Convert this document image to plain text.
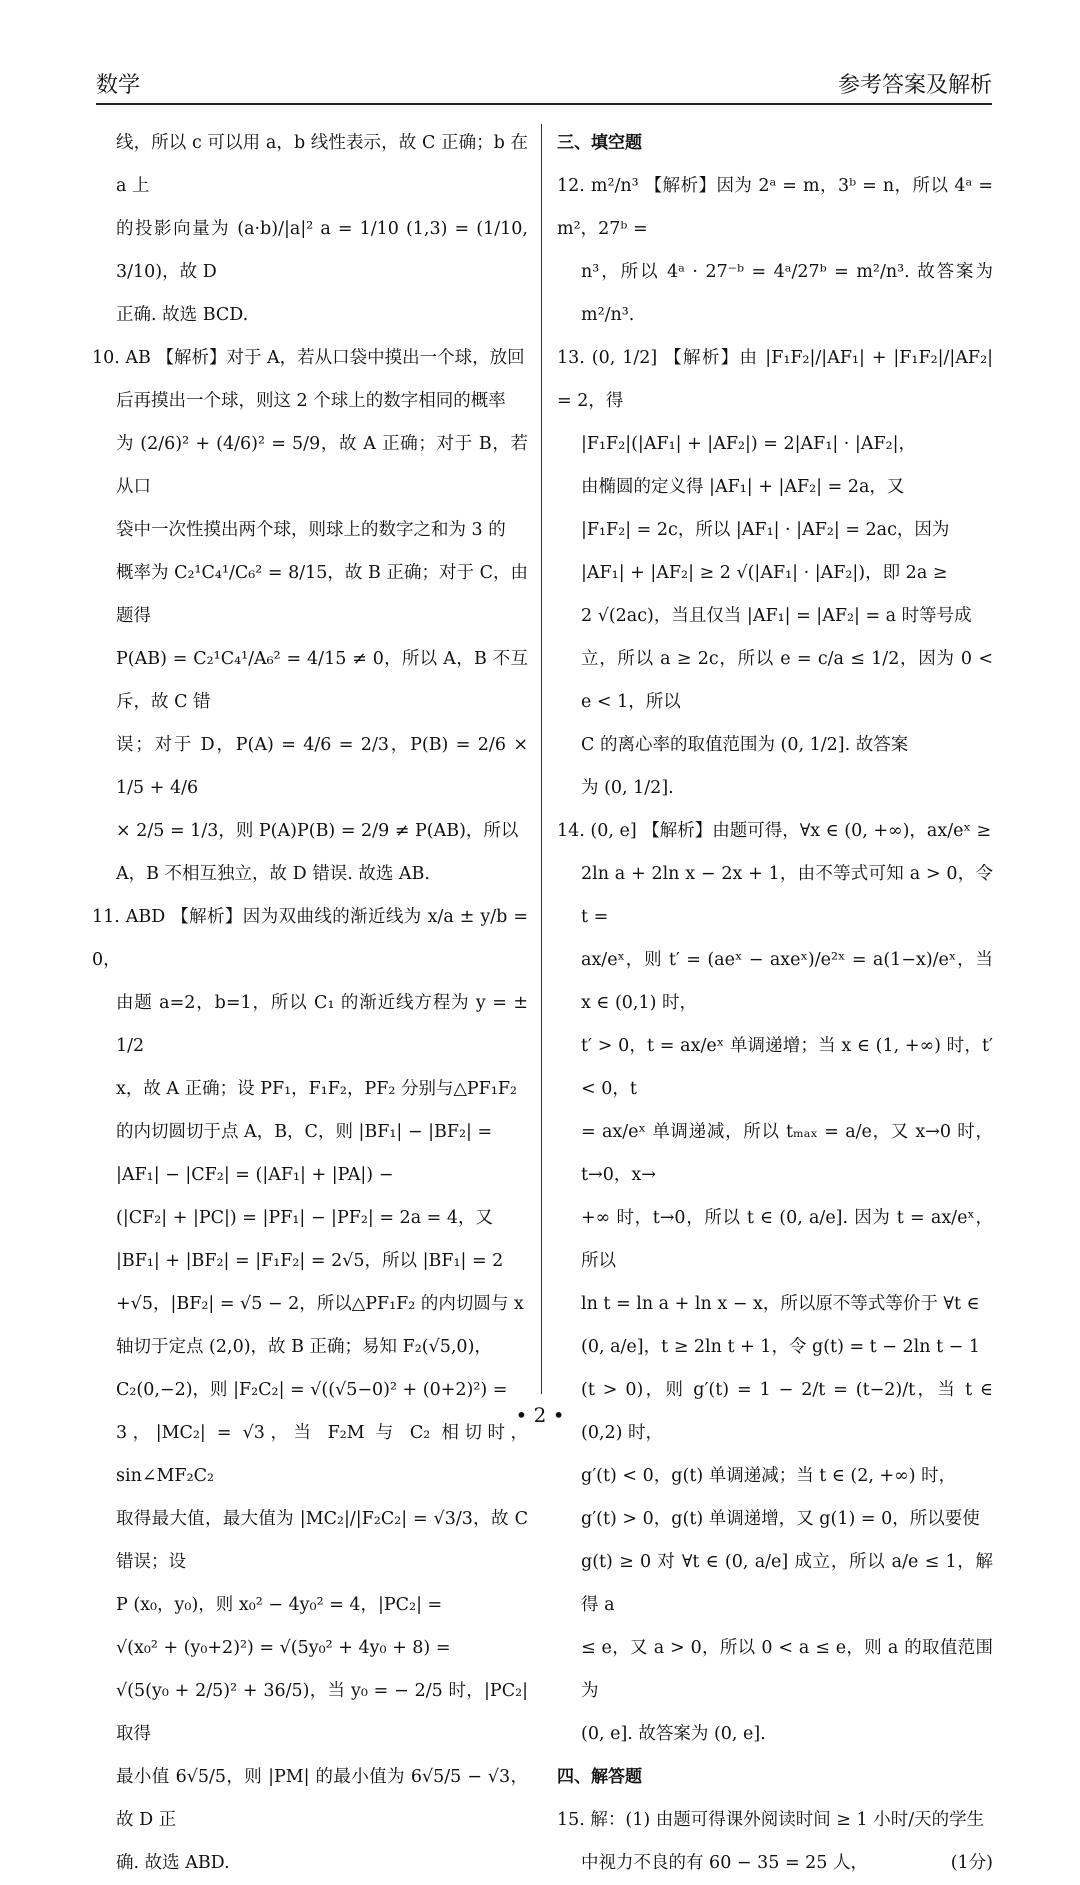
数学	参考答案及解析

线，所以 c 可以用 a，b 线性表示，故 C 正确；b 在 a 上

的投影向量为 (a·b)/|a|² a = 1/10 (1,3) = (1/10, 3/10)，故 D

正确. 故选 BCD.

10. AB 【解析】对于 A，若从口袋中摸出一个球，放回

后再摸出一个球，则这 2 个球上的数字相同的概率

为 (2/6)² + (4/6)² = 5/9，故 A 正确；对于 B，若从口

袋中一次性摸出两个球，则球上的数字之和为 3 的

概率为 C₂¹C₄¹/C₆² = 8/15，故 B 正确；对于 C，由题得

P(AB) = C₂¹C₄¹/A₆² = 4/15 ≠ 0，所以 A，B 不互斥，故 C 错

误；对于 D，P(A) = 4/6 = 2/3，P(B) = 2/6 × 1/5 + 4/6

× 2/5 = 1/3，则 P(A)P(B) = 2/9 ≠ P(AB)，所以

A，B 不相互独立，故 D 错误. 故选 AB.

11. ABD 【解析】因为双曲线的渐近线为 x/a ± y/b = 0，

由题 a=2，b=1，所以 C₁ 的渐近线方程为 y = ± 1/2

x，故 A 正确；设 PF₁，F₁F₂，PF₂ 分别与△PF₁F₂

的内切圆切于点 A，B，C，则 |BF₁| − |BF₂| =

|AF₁| − |CF₂| = (|AF₁| + |PA|) −

(|CF₂| + |PC|) = |PF₁| − |PF₂| = 2a = 4，又

|BF₁| + |BF₂| = |F₁F₂| = 2√5，所以 |BF₁| = 2

+√5，|BF₂| = √5 − 2，所以△PF₁F₂ 的内切圆与 x

轴切于定点 (2,0)，故 B 正确；易知 F₂(√5,0)，

C₂(0,−2)，则 |F₂C₂| = √((√5−0)² + (0+2)²) =

3，|MC₂| = √3，当 F₂M 与 C₂ 相切时，sin∠MF₂C₂

取得最大值，最大值为 |MC₂|/|F₂C₂| = √3/3，故 C 错误；设

P (x₀，y₀)，则 x₀² − 4y₀² = 4，|PC₂| =

√(x₀² + (y₀+2)²) = √(5y₀² + 4y₀ + 8) =

√(5(y₀ + 2/5)² + 36/5)，当 y₀ = − 2/5 时，|PC₂| 取得

最小值 6√5/5，则 |PM| 的最小值为 6√5/5 − √3，故 D 正

确. 故选 ABD.

三、填空题

12. m²/n³ 【解析】因为 2ᵃ = m，3ᵇ = n，所以 4ᵃ = m²，27ᵇ =

n³，所以 4ᵃ · 27⁻ᵇ = 4ᵃ/27ᵇ = m²/n³. 故答案为 m²/n³.

13. (0, 1/2] 【解析】由 |F₁F₂|/|AF₁| + |F₁F₂|/|AF₂| = 2，得

|F₁F₂|(|AF₁| + |AF₂|) = 2|AF₁| · |AF₂|，

由椭圆的定义得 |AF₁| + |AF₂| = 2a，又

|F₁F₂| = 2c，所以 |AF₁| · |AF₂| = 2ac，因为

|AF₁| + |AF₂| ≥ 2 √(|AF₁| · |AF₂|)，即 2a ≥

2 √(2ac)，当且仅当 |AF₁| = |AF₂| = a 时等号成

立，所以 a ≥ 2c，所以 e = c/a ≤ 1/2，因为 0 < e < 1，所以

C 的离心率的取值范围为 (0, 1/2]. 故答案

为 (0, 1/2].

14. (0, e] 【解析】由题可得，∀x ∈ (0, +∞)，ax/eˣ ≥

2ln a + 2ln x − 2x + 1，由不等式可知 a > 0，令 t =

ax/eˣ，则 t′ = (aeˣ − axeˣ)/e²ˣ = a(1−x)/eˣ，当 x ∈ (0,1) 时，

t′ > 0，t = ax/eˣ 单调递增；当 x ∈ (1, +∞) 时，t′ < 0，t

= ax/eˣ 单调递减，所以 tₘₐₓ = a/e，又 x→0 时，t→0，x→

+∞ 时，t→0，所以 t ∈ (0, a/e]. 因为 t = ax/eˣ，所以

ln t = ln a + ln x − x，所以原不等式等价于 ∀t ∈

(0, a/e]，t ≥ 2ln t + 1，令 g(t) = t − 2ln t − 1

(t > 0)，则 g′(t) = 1 − 2/t = (t−2)/t，当 t ∈ (0,2) 时，

g′(t) < 0，g(t) 单调递减；当 t ∈ (2, +∞) 时，

g′(t) > 0，g(t) 单调递增，又 g(1) = 0，所以要使

g(t) ≥ 0 对 ∀t ∈ (0, a/e] 成立，所以 a/e ≤ 1，解得 a

≤ e，又 a > 0，所以 0 < a ≤ e，则 a 的取值范围为

(0, e]. 故答案为 (0, e].

四、解答题

15. 解：(1) 由题可得课外阅读时间 ≥ 1 小时/天的学生

中视力不良的有 60 − 35 = 25 人，	(1分)

• 2 •
